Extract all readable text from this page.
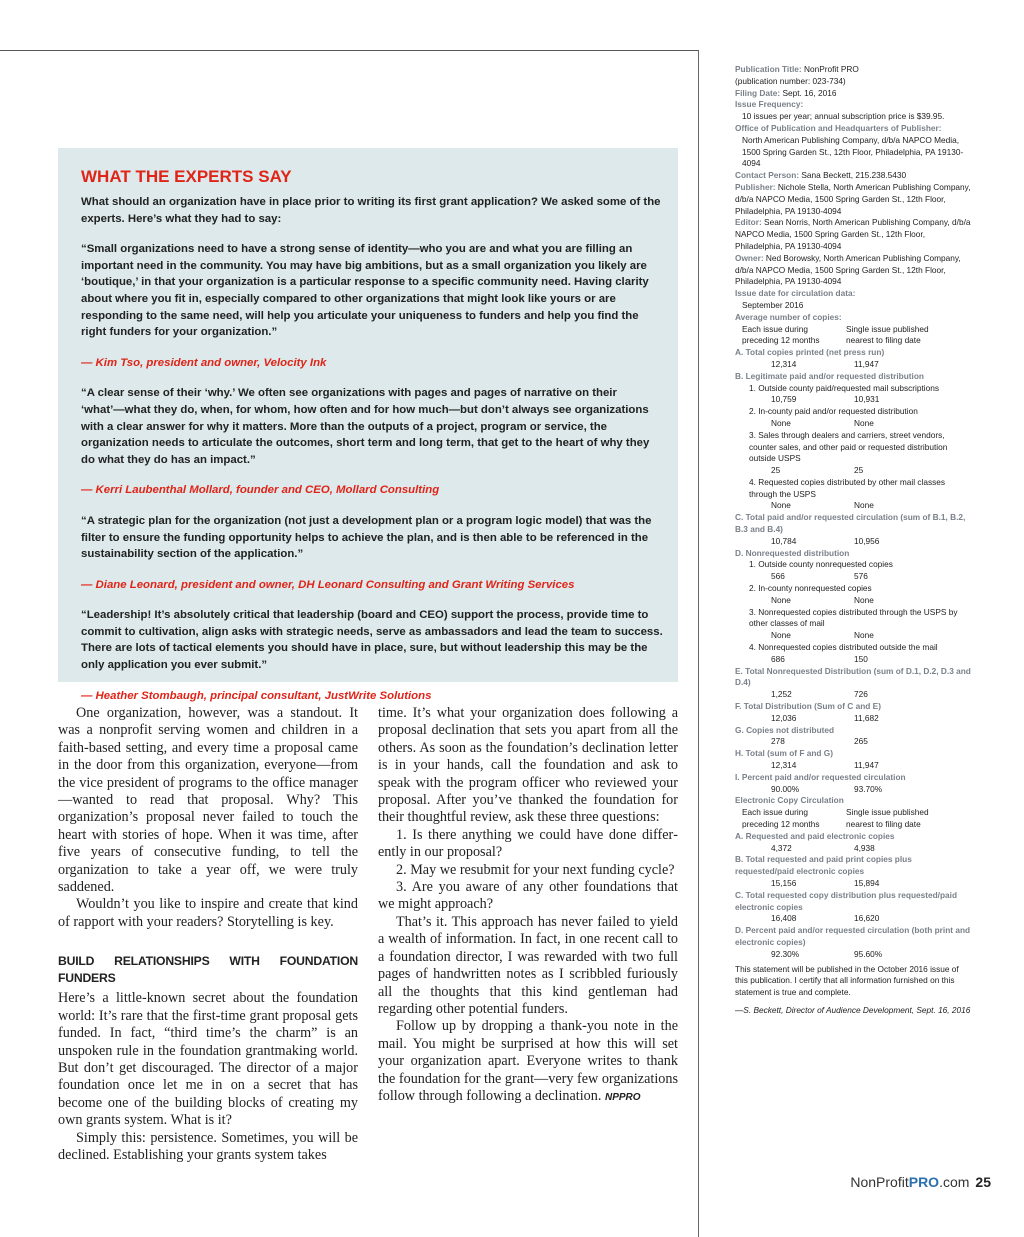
WHAT THE EXPERTS SAY

What should an organization have in place prior to writing its first grant application? We asked some of the experts. Here’s what they had to say:

“Small organizations need to have a strong sense of identity—who you are and what you are filling an important need in the community. You may have big ambitions, but as a small organization you likely are ‘boutique,’ in that your organization is a particular response to a specific community need. Having clarity about where you fit in, especially compared to other organizations that might look like yours or are responding to the same need, will help you articulate your uniqueness to funders and help you find the right funders for your organization.”

— Kim Tso, president and owner, Velocity Ink

“A clear sense of their ‘why.’ We often see organizations with pages and pages of narrative on their ‘what’—what they do, when, for whom, how often and for how much—but don’t always see organizations with a clear answer for why it matters. More than the outputs of a project, program or service, the organization needs to articulate the outcomes, short term and long term, that get to the heart of why they do what they do has an impact.”

— Kerri Laubenthal Mollard, founder and CEO, Mollard Consulting

“A strategic plan for the organization (not just a development plan or a program logic model) that was the filter to ensure the funding opportunity helps to achieve the plan, and is then able to be referenced in the sustainability section of the application.”

— Diane Leonard, president and owner, DH Leonard Consulting and Grant Writing Services

“Leadership! It’s absolutely critical that leadership (board and CEO) support the process, provide time to commit to cultivation, align asks with strategic needs, serve as ambassadors and lead the team to success. There are lots of tactical elements you should have in place, sure, but without leadership this may be the only application you ever submit.”

— Heather Stombaugh, principal consultant, JustWrite Solutions

One organization, however, was a standout. It was a nonprofit serving women and children in a faith-based setting, and every time a proposal came in the door from this organization, everyone—from the vice president of programs to the office manager—wanted to read that proposal. Why? This organization’s proposal never failed to touch the heart with stories of hope. When it was time, after five years of consecutive funding, to tell the organization to take a year off, we were truly saddened.

Wouldn’t you like to inspire and create that kind of rapport with your readers? Storytelling is key.

BUILD RELATIONSHIPS WITH FOUNDATION FUNDERS

Here’s a little-known secret about the foundation world: It’s rare that the first-time grant proposal gets funded. In fact, “third time’s the charm” is an unspoken rule in the foundation grantmaking world. But don’t get discouraged. The director of a major foundation once let me in on a secret that has become one of the building blocks of creating my own grants system. What is it?

Simply this: persistence. Sometimes, you will be declined. Establishing your grants system takes

time. It’s what your organization does following a proposal declination that sets you apart from all the others. As soon as the foundation’s declination letter is in your hands, call the foundation and ask to speak with the program officer who reviewed your proposal. After you’ve thanked the foundation for their thoughtful review, ask these three questions:

1. Is there anything we could have done differently in our proposal?

2. May we resubmit for your next funding cycle?

3. Are you aware of any other foundations that we might approach?

That’s it. This approach has never failed to yield a wealth of information. In fact, in one recent call to a foundation director, I was rewarded with two full pages of handwritten notes as I scribbled furiously all the thoughts that this kind gentleman had regarding other potential funders.

Follow up by dropping a thank-you note in the mail. You might be surprised at how this will set your organization apart. Everyone writes to thank the foundation for the grant—very few organizations follow through following a declination. NPPRO

Publication Title: NonProfit PRO
(publication number: 023-734)
Filing Date: Sept. 16, 2016
Issue Frequency:
10 issues per year; annual subscription price is $39.95.
Office of Publication and Headquarters of Publisher:
North American Publishing Company, d/b/a NAPCO Media, 1500 Spring Garden St., 12th Floor, Philadelphia, PA 19130-4094
Contact Person: Sana Beckett, 215.238.5430
Publisher: Nichole Stella, North American Publishing Company, d/b/a NAPCO Media, 1500 Spring Garden St., 12th Floor, Philadelphia, PA 19130-4094
Editor: Sean Norris, North American Publishing Company, d/b/a NAPCO Media, 1500 Spring Garden St., 12th Floor, Philadelphia, PA 19130-4094
Owner: Ned Borowsky, North American Publishing Company, d/b/a NAPCO Media, 1500 Spring Garden St., 12th Floor, Philadelphia, PA 19130-4094
Issue date for circulation data:
September 2016
Average number of copies:
Each issue during	Single issue published
preceding 12 months	nearest to filing date
A. Total copies printed (net press run)
12,314	11,947
B. Legitimate paid and/or requested distribution
1. Outside county paid/requested mail subscriptions
10,759	10,931
2. In-county paid and/or requested distribution
None	None
3. Sales through dealers and carriers, street vendors, counter sales, and other paid or requested distribution outside USPS
25	25
4. Requested copies distributed by other mail classes through the USPS
None	None
C. Total paid and/or requested circulation (sum of B.1, B.2, B.3 and B.4)
10,784	10,956
D. Nonrequested distribution
1. Outside county nonrequested copies
566	576
2. In-county nonrequested copies
None	None
3. Nonrequested copies distributed through the USPS by other classes of mail
None	None
4. Nonrequested copies distributed outside the mail
686	150
E. Total Nonrequested Distribution (sum of D.1, D.2, D.3 and D.4)
1,252	726
F. Total Distribution (Sum of C and E)
12,036	11,682
G. Copies not distributed
278	265
H. Total (sum of F and G)
12,314	11,947
I. Percent paid and/or requested circulation
90.00%	93.70%
Electronic Copy Circulation
Each issue during	Single issue published
preceding 12 months	nearest to filing date
A. Requested and paid electronic copies
4,372	4,938
B. Total requested and paid print copies plus requested/paid electronic copies
15,156	15,894
C. Total requested copy distribution plus requested/paid electronic copies
16,408	16,620
D. Percent paid and/or requested circulation (both print and electronic copies)
92.30%	95.60%
This statement will be published in the October 2016 issue of this publication. I certify that all information furnished on this statement is true and complete.
—S. Beckett, Director of Audience Development, Sept. 16, 2016
NonProfitPRO.com 25
